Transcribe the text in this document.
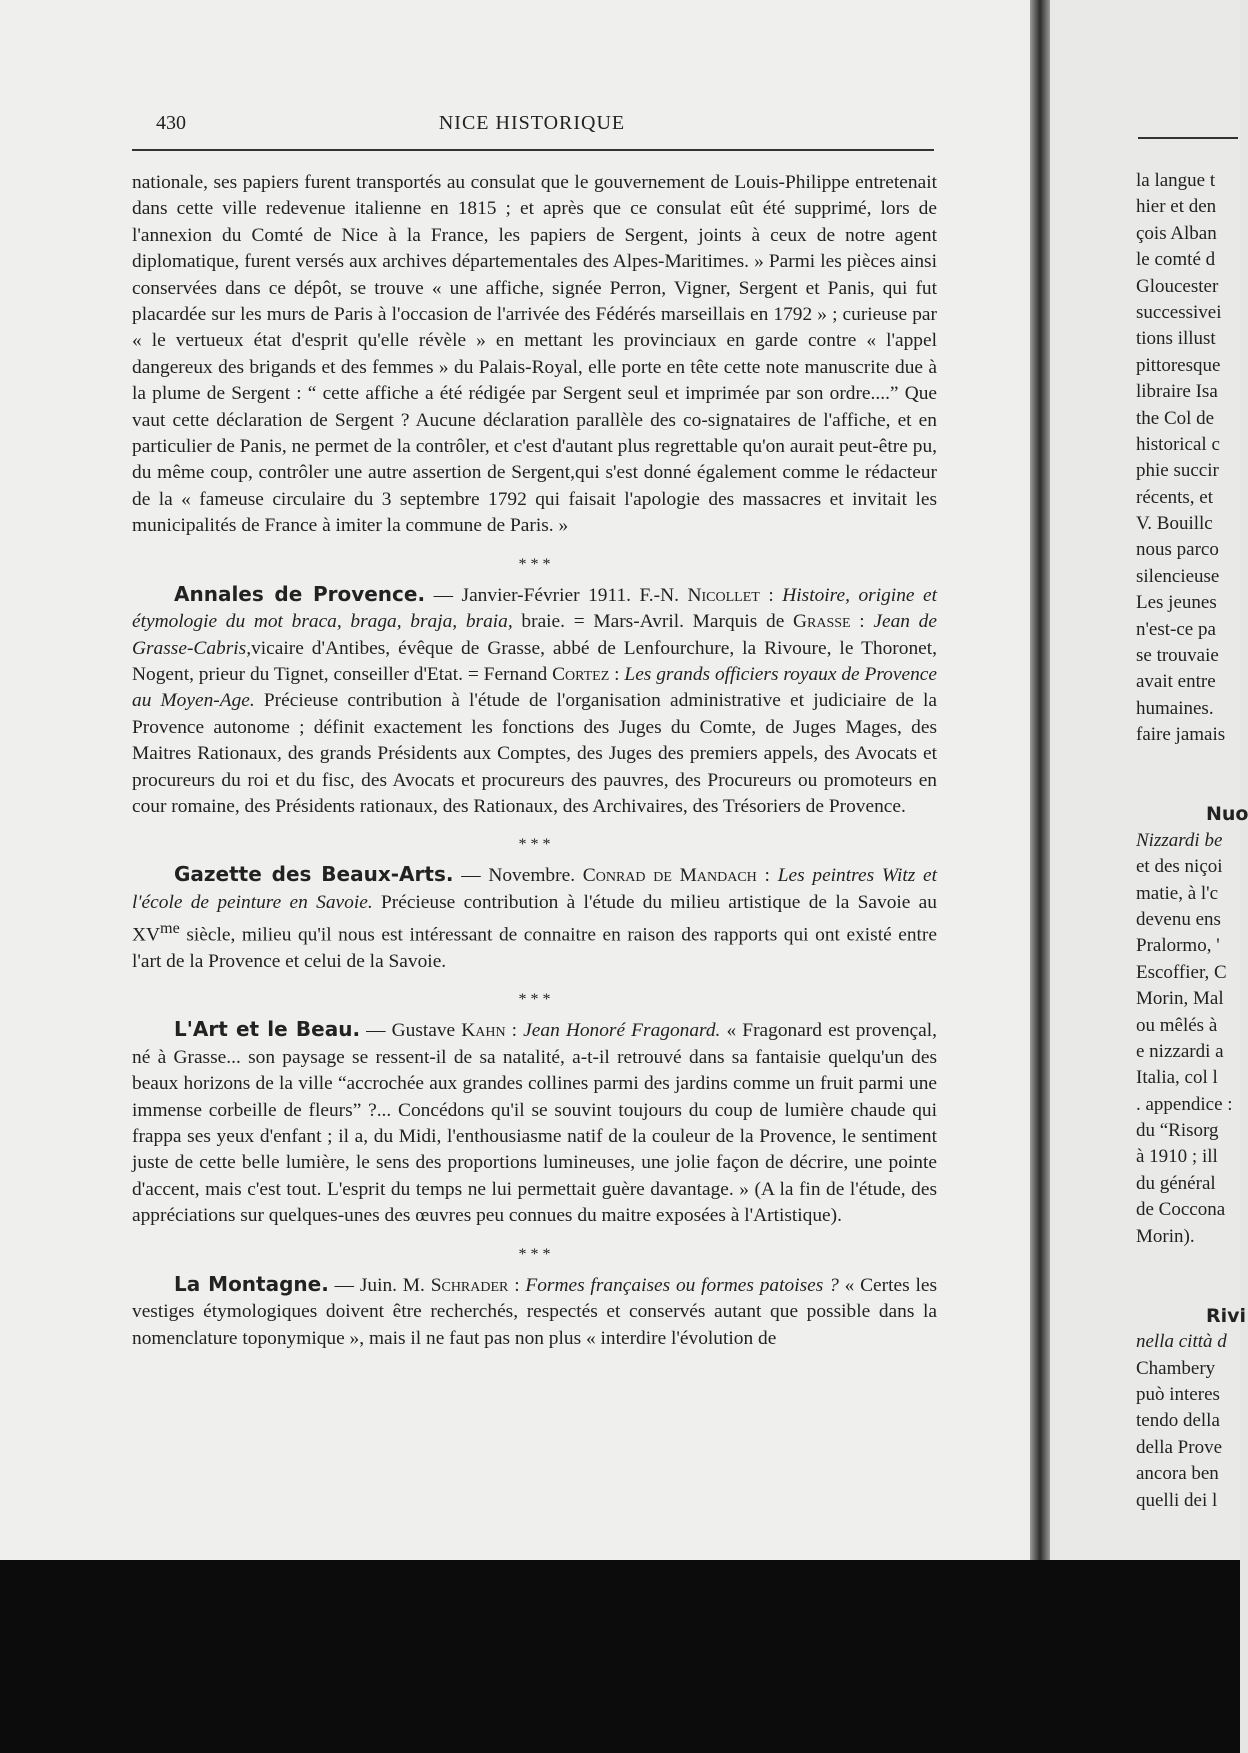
430	NICE HISTORIQUE

nationale, ses papiers furent transportés au consulat que le gouvernement de Louis-Philippe entretenait dans cette ville redevenue italienne en 1815 ; et après que ce consulat eût été supprimé, lors de l'annexion du Comté de Nice à la France, les papiers de Sergent, joints à ceux de notre agent diplomatique, furent versés aux archives départementales des Alpes-Maritimes. » Parmi les pièces ainsi conservées dans ce dépôt, se trouve « une affiche, signée Perron, Vigner, Sergent et Panis, qui fut placardée sur les murs de Paris à l'occasion de l'arrivée des Fédérés marseillais en 1792 » ; curieuse par « le vertueux état d'esprit qu'elle révèle » en mettant les provinciaux en garde contre « l'appel dangereux des brigands et des femmes » du Palais-Royal, elle porte en tête cette note manuscrite due à la plume de Sergent : “ cette affiche a été rédigée par Sergent seul et imprimée par son ordre....” Que vaut cette déclaration de Sergent ? Aucune déclaration parallèle des co-signataires de l'affiche, et en particulier de Panis, ne permet de la contrôler, et c'est d'autant plus regrettable qu'on aurait peut-être pu, du même coup, contrôler une autre assertion de Sergent,qui s'est donné également comme le rédacteur de la « fameuse circulaire du 3 septembre 1792 qui faisait l'apologie des massacres et invitait les municipalités de France à imiter la commune de Paris. »

* * *

Annales de Provence. — Janvier-Février 1911. F.-N. Nicollet : Histoire, origine et étymologie du mot braca, braga, braja, braia, braie. = Mars-Avril. Marquis de Grasse : Jean de Grasse-Cabris,vicaire d'Antibes, évêque de Grasse, abbé de Lenfourchure, la Rivoure, le Thoronet, Nogent, prieur du Tignet, conseiller d'Etat. = Fernand Cortez : Les grands officiers royaux de Provence au Moyen-Age. Précieuse contribution à l'étude de l'organisation administrative et judiciaire de la Provence autonome ; définit exactement les fonctions des Juges du Comte, de Juges Mages, des Maitres Rationaux, des grands Présidents aux Comptes, des Juges des premiers appels, des Avocats et procureurs du roi et du fisc, des Avocats et procureurs des pauvres, des Procureurs ou promoteurs en cour romaine, des Présidents rationaux, des Rationaux, des Archivaires, des Trésoriers de Provence.

* * *

Gazette des Beaux-Arts. — Novembre. Conrad de Mandach : Les peintres Witz et l'école de peinture en Savoie. Précieuse contribution à l'étude du milieu artistique de la Savoie au $XV^{me}$ siècle, milieu qu'il nous est intéressant de connaitre en raison des rapports qui ont existé entre l'art de la Provence et celui de la Savoie.

* * *

L'Art et le Beau. — Gustave Kahn : Jean Honoré Fragonard. « Fragonard est provençal, né à Grasse... son paysage se ressent-il de sa natalité, a-t-il retrouvé dans sa fantaisie quelqu'un des beaux horizons de la ville “accrochée aux grandes collines parmi des jardins comme un fruit parmi une immense corbeille de fleurs” ?... Concédons qu'il se souvint toujours du coup de lumière chaude qui frappa ses yeux d'enfant ; il a, du Midi, l'enthousiasme natif de la couleur de la Provence, le sentiment juste de cette belle lumière, le sens des proportions lumineuses, une jolie façon de décrire, une pointe d'accent, mais c'est tout. L'esprit du temps ne lui permettait guère davantage. » (A la fin de l'étude, des appréciations sur quelques-unes des œuvres peu connues du maitre exposées à l'Artistique).

* * *

La Montagne. — Juin. M. Schrader : Formes françaises ou formes patoises ? « Certes les vestiges étymologiques doivent être recherchés, respectés et conservés autant que possible dans la nomenclature toponymique », mais il ne faut pas non plus « interdire l'évolution de

la langue t
hier et den
çois Alban
le comté d
Gloucester
successivei
tions illust
pittoresque
libraire Isa
the Col de
historical c
phie succir
récents, et
V. Bouillc
nous parco
silencieuse
Les jeunes
n'est-ce pa
se trouvaie
avait entre
humaines.
faire jamais
Nuo
Nizzardi be
et des niçoi
matie, à l'c
devenu ens
Pralormo, '
Escoffier, C
Morin, Mal
ou mêlés à
e nizzardi a
Italia, col l
. appendice :
du “Risorg
à 1910 ; ill
du général
de Coccona
Morin).
Rivi
nella città d
Chambery
può interes
tendo della
della Prove
ancora ben
quelli dei l
